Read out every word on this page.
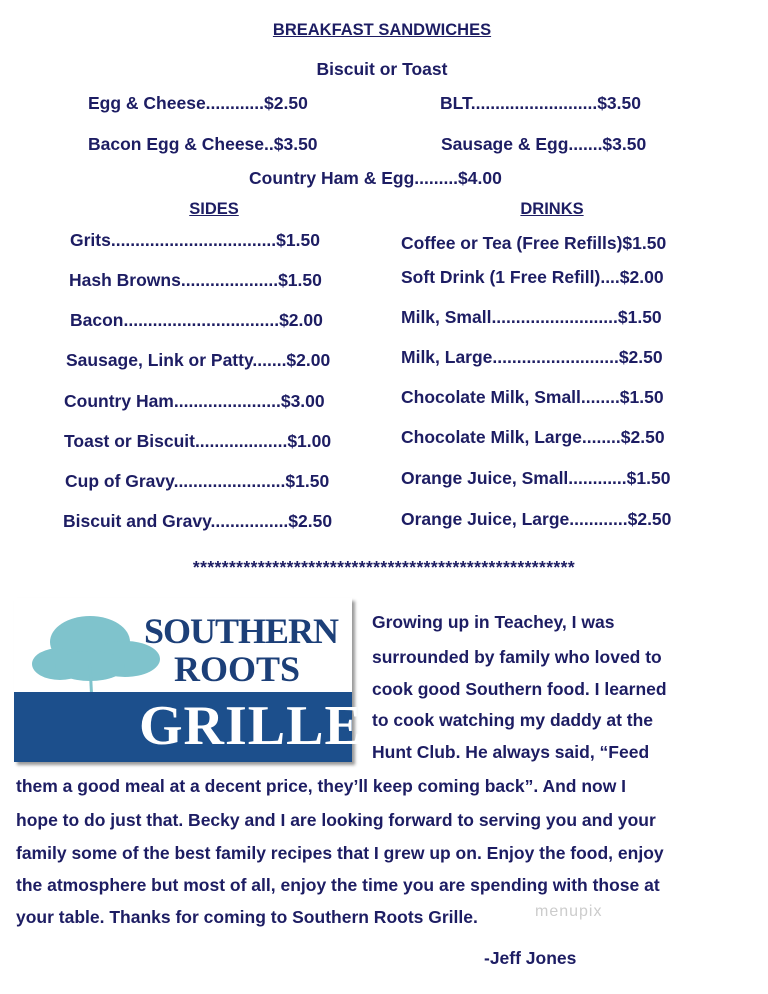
BREAKFAST SANDWICHES
Biscuit or Toast
Egg & Cheese............$2.50	BLT..........................$3.50
Bacon Egg & Cheese..$3.50	Sausage & Egg.......$3.50
Country Ham & Egg.........$4.00
SIDES	DRINKS
Grits..................................$1.50
Hash Browns....................$1.50
Bacon................................$2.00
Sausage, Link or Patty.......$2.00
Country Ham......................$3.00
Toast or Biscuit...................$1.00
Cup of Gravy.......................$1.50
Biscuit and Gravy................$2.50
Coffee or Tea (Free Refills)$1.50
Soft Drink (1 Free Refill)....$2.00
Milk, Small..........................$1.50
Milk, Large..........................$2.50
Chocolate Milk, Small........$1.50
Chocolate Milk, Large........$2.50
Orange Juice, Small............$1.50
Orange Juice, Large............$2.50
*****************************************************
SOUTHERN
ROOTS
GRILLE
Growing up in Teachey, I was
surrounded by family who loved to
cook good Southern food. I learned
to cook watching my daddy at the
Hunt Club. He always said, “Feed
them a good meal at a decent price, they’ll keep coming back”. And now I
hope to do just that. Becky and I are looking forward to serving you and your
family some of the best family recipes that I grew up on. Enjoy the food, enjoy
the atmosphere but most of all, enjoy the time you are spending with those at
your table. Thanks for coming to Southern Roots Grille.	menupix
-Jeff Jones
